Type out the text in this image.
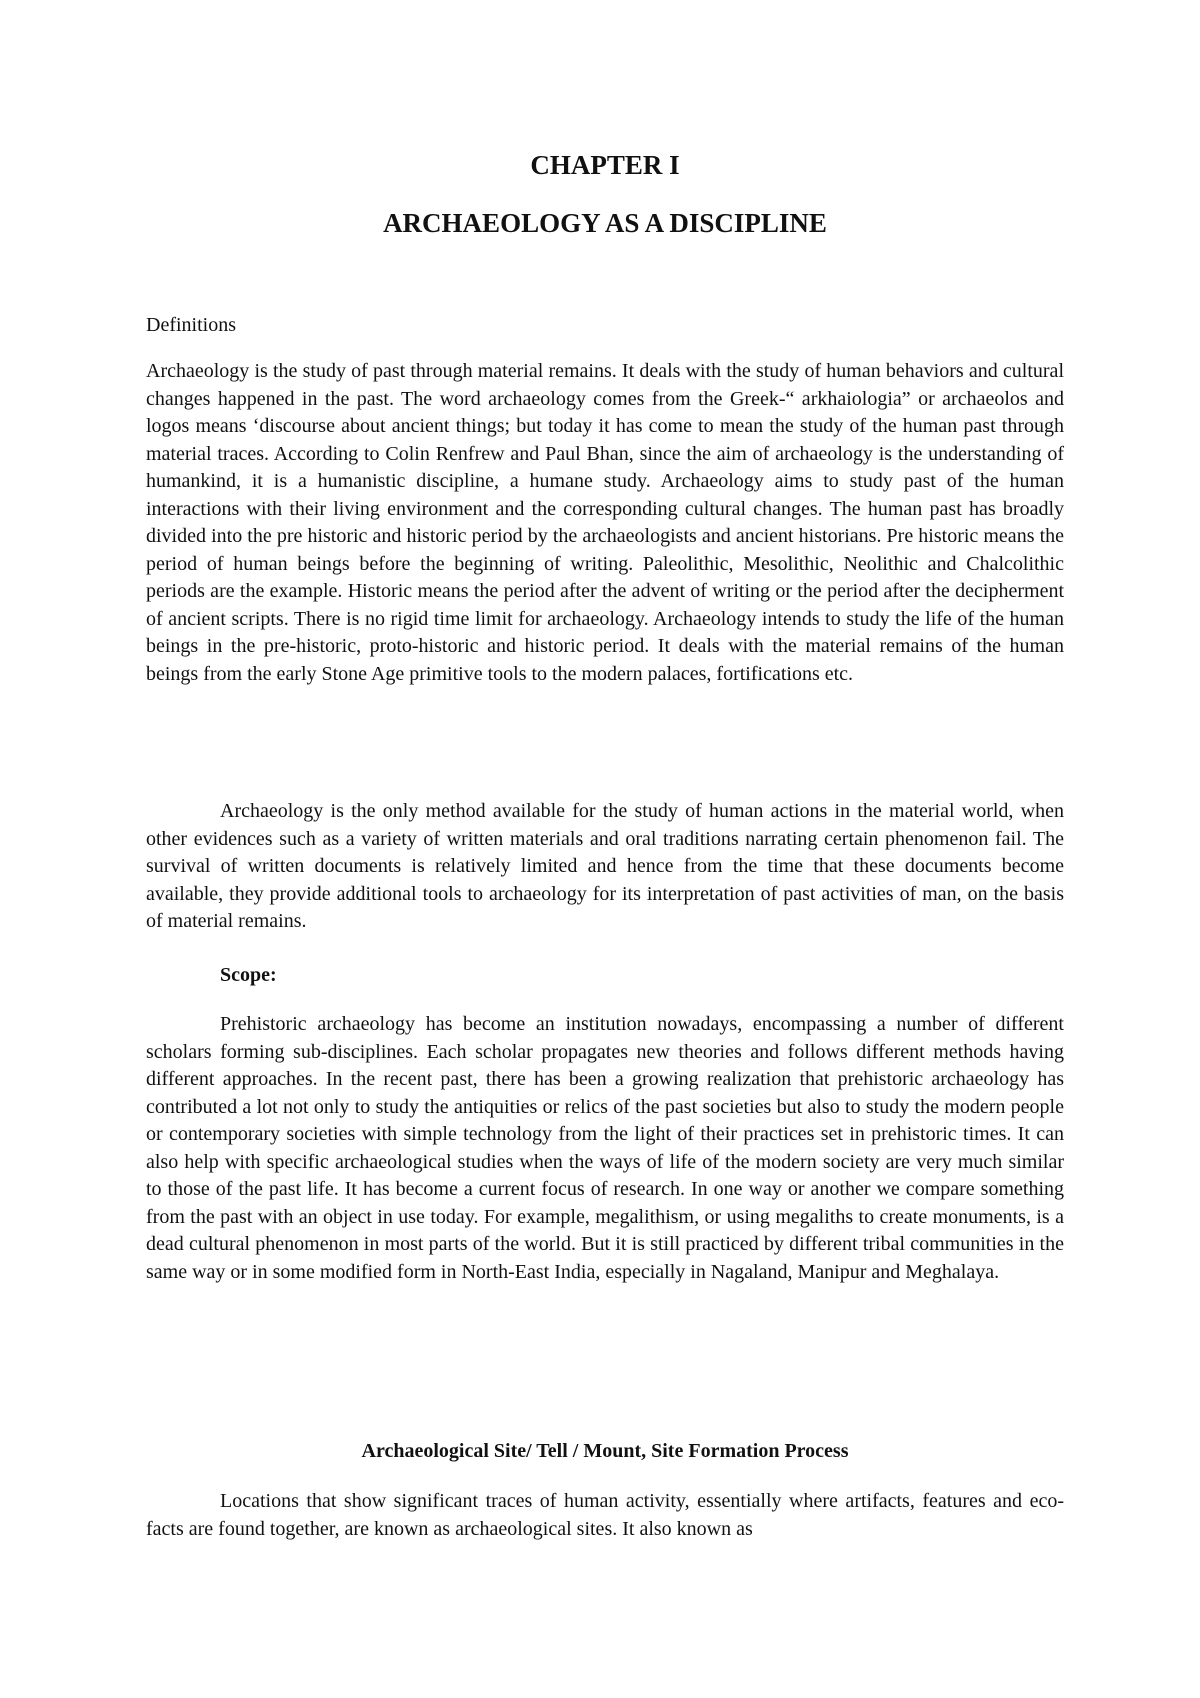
CHAPTER I
ARCHAEOLOGY AS A DISCIPLINE

Definitions

Archaeology is the study of past through material remains. It deals with the study of human behaviors and cultural changes happened in the past. The word archaeology comes from the Greek-“ arkhaiologia” or archaeolos and logos means ‘discourse about ancient things; but today it has come to mean the study of the human past through material traces. According to Colin Renfrew and Paul Bhan, since the aim of archaeology is the understanding of humankind, it is a humanistic discipline, a humane study. Archaeology aims to study past of the human interactions with their living environment and the corresponding cultural changes. The human past has broadly divided into the pre historic and historic period by the archaeologists and ancient historians. Pre historic means the period of human beings before the beginning of writing. Paleolithic, Mesolithic, Neolithic and Chalcolithic periods are the example. Historic means the period after the advent of writing or the period after the decipherment of ancient scripts. There is no rigid time limit for archaeology. Archaeology intends to study the life of the human beings in the pre-historic, proto-historic and historic period. It deals with the material remains of the human beings from the early Stone Age primitive tools to the modern palaces, fortifications etc.

Archaeology is the only method available for the study of human actions in the material world, when other evidences such as a variety of written materials and oral traditions narrating certain phenomenon fail. The survival of written documents is relatively limited and hence from the time that these documents become available, they provide additional tools to archaeology for its interpretation of past activities of man, on the basis of material remains.

Scope:

Prehistoric archaeology has become an institution nowadays, encompassing a number of different scholars forming sub-disciplines. Each scholar propagates new theories and follows different methods having different approaches. In the recent past, there has been a growing realization that prehistoric archaeology has contributed a lot not only to study the antiquities or relics of the past societies but also to study the modern people or contemporary societies with simple technology from the light of their practices set in prehistoric times. It can also help with specific archaeological studies when the ways of life of the modern society are very much similar to those of the past life. It has become a current focus of research. In one way or another we compare something from the past with an object in use today. For example, megalithism, or using megaliths to create monuments, is a dead cultural phenomenon in most parts of the world. But it is still practiced by different tribal communities in the same way or in some modified form in North-East India, especially in Nagaland, Manipur and Meghalaya.

Archaeological Site/ Tell / Mount, Site Formation Process

Locations that show significant traces of human activity, essentially where artifacts, features and eco-facts are found together, are known as archaeological sites. It also known as
